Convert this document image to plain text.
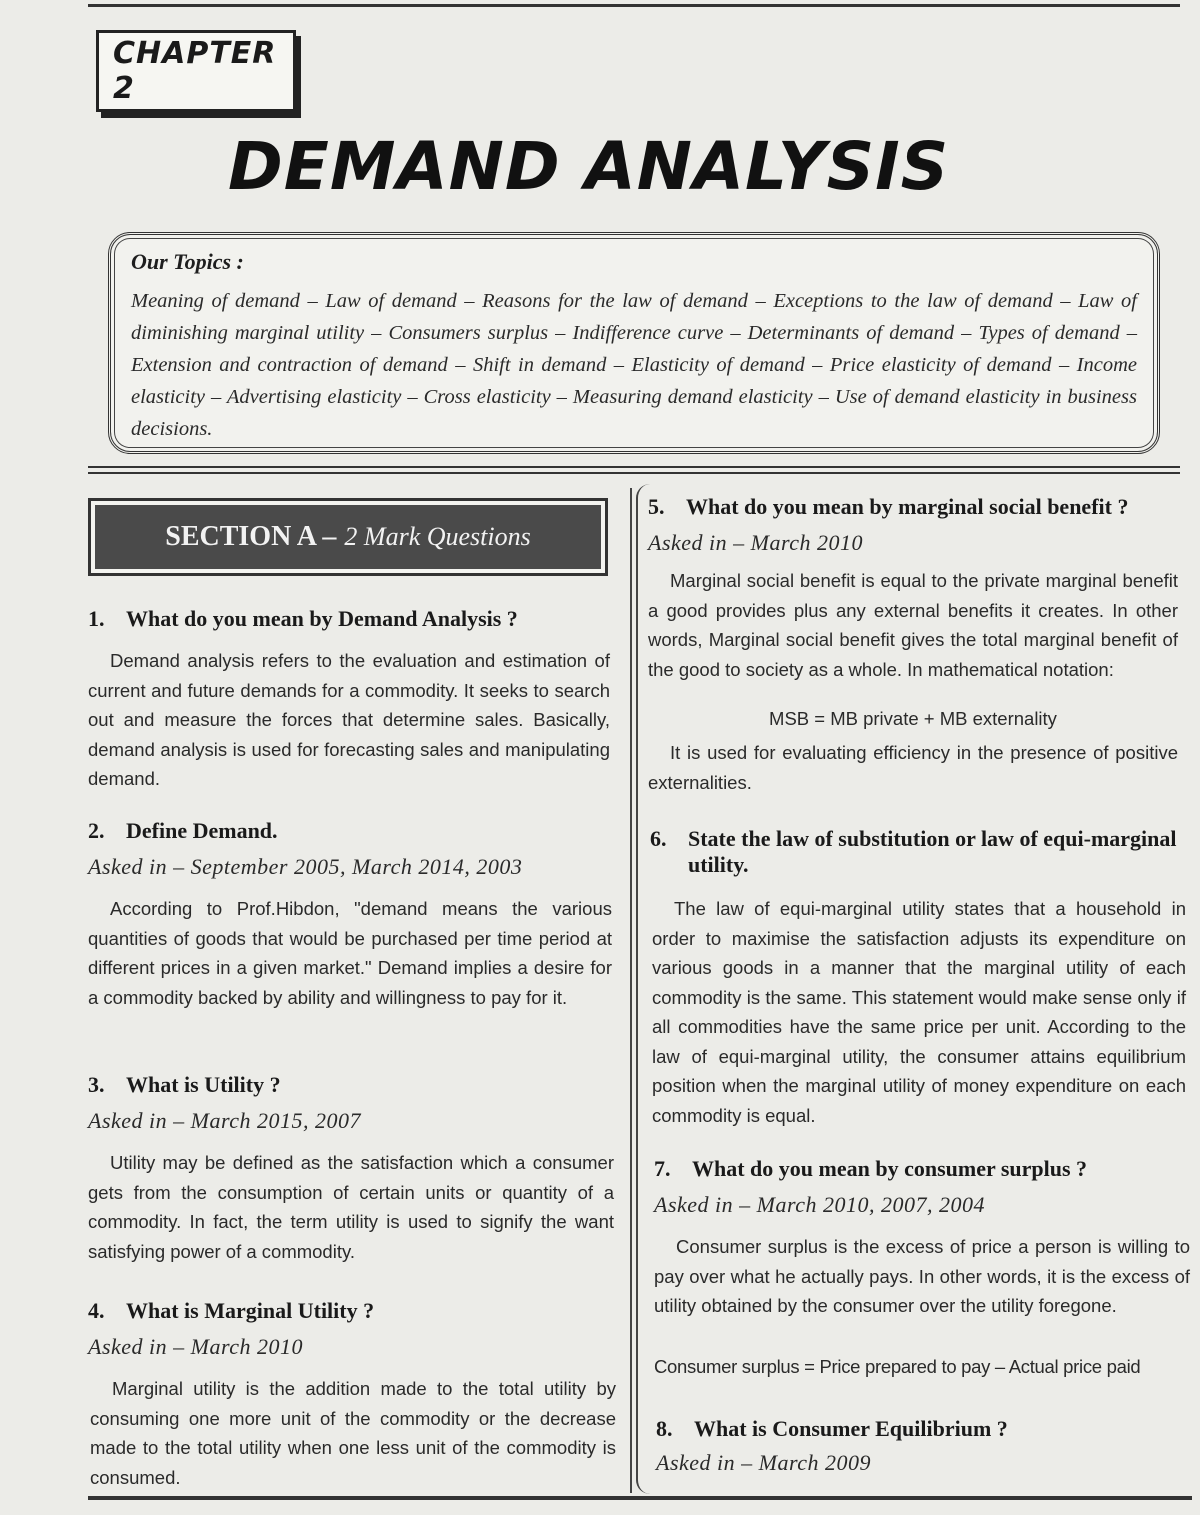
CHAPTER 2
DEMAND ANALYSIS
Our Topics :
Meaning of demand – Law of demand – Reasons for the law of demand – Exceptions to the law of demand – Law of diminishing marginal utility – Consumers surplus – Indifference curve – Determinants of demand – Types of demand – Extension and contraction of demand – Shift in demand – Elasticity of demand – Price elasticity of demand – Income elasticity – Advertising elasticity – Cross elasticity – Measuring demand elasticity – Use of demand elasticity in business decisions.
SECTION A – 2 Mark Questions
1. What do you mean by Demand Analysis ?
Demand analysis refers to the evaluation and estimation of current and future demands for a commodity. It seeks to search out and measure the forces that determine sales. Basically, demand analysis is used for forecasting sales and manipulating demand.
2. Define Demand.
Asked in – September 2005, March 2014, 2003
According to Prof.Hibdon, "demand means the various quantities of goods that would be purchased per time period at different prices in a given market." Demand implies a desire for a commodity backed by ability and willingness to pay for it.
3. What is Utility ?
Asked in – March 2015, 2007
Utility may be defined as the satisfaction which a consumer gets from the consumption of certain units or quantity of a commodity. In fact, the term utility is used to signify the want satisfying power of a commodity.
4. What is Marginal Utility ?
Asked in – March 2010
Marginal utility is the addition made to the total utility by consuming one more unit of the commodity or the decrease made to the total utility when one less unit of the commodity is consumed.
5. What do you mean by marginal social benefit ?
Asked in – March 2010
Marginal social benefit is equal to the private marginal benefit a good provides plus any external benefits it creates. In other words, Marginal social benefit gives the total marginal benefit of the good to society as a whole. In mathematical notation:
MSB = MB private + MB externality
It is used for evaluating efficiency in the presence of positive externalities.
6. State the law of substitution or law of equi-marginal utility.
The law of equi-marginal utility states that a household in order to maximise the satisfaction adjusts its expenditure on various goods in a manner that the marginal utility of each commodity is the same. This statement would make sense only if all commodities have the same price per unit. According to the law of equi-marginal utility, the consumer attains equilibrium position when the marginal utility of money expenditure on each commodity is equal.
7. What do you mean by consumer surplus ?
Asked in – March 2010, 2007, 2004
Consumer surplus is the excess of price a person is willing to pay over what he actually pays. In other words, it is the excess of utility obtained by the consumer over the utility foregone.
Consumer surplus = Price prepared to pay – Actual price paid
8. What is Consumer Equilibrium ?
Asked in – March 2009
